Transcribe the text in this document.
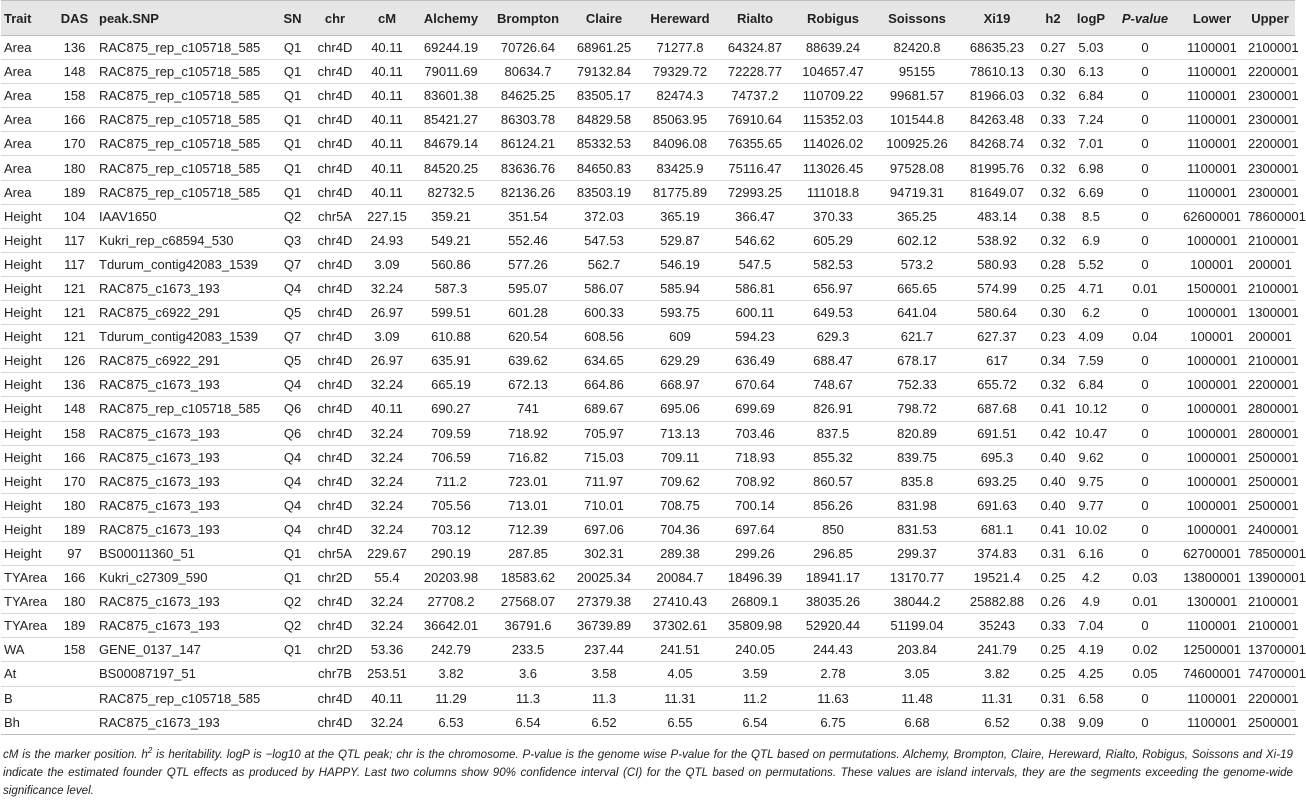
Trait	DAS	peak.SNP	SN	chr	cM	Alchemy	Brompton	Claire	Hereward	Rialto	Robigus	Soissons	Xi19	h2	logP	P-value	Lower	Upper
Area	136	RAC875_rep_c105718_585	Q1	chr4D	40.11	69244.19	70726.64	68961.25	71277.8	64324.87	88639.24	82420.8	68635.23	0.27	5.03	0	1100001	2100001
Area	148	RAC875_rep_c105718_585	Q1	chr4D	40.11	79011.69	80634.7	79132.84	79329.72	72228.77	104657.47	95155	78610.13	0.30	6.13	0	1100001	2200001
Area	158	RAC875_rep_c105718_585	Q1	chr4D	40.11	83601.38	84625.25	83505.17	82474.3	74737.2	110709.22	99681.57	81966.03	0.32	6.84	0	1100001	2300001
Area	166	RAC875_rep_c105718_585	Q1	chr4D	40.11	85421.27	86303.78	84829.58	85063.95	76910.64	115352.03	101544.8	84263.48	0.33	7.24	0	1100001	2300001
Area	170	RAC875_rep_c105718_585	Q1	chr4D	40.11	84679.14	86124.21	85332.53	84096.08	76355.65	114026.02	100925.26	84268.74	0.32	7.01	0	1100001	2200001
Area	180	RAC875_rep_c105718_585	Q1	chr4D	40.11	84520.25	83636.76	84650.83	83425.9	75116.47	113026.45	97528.08	81995.76	0.32	6.98	0	1100001	2300001
Area	189	RAC875_rep_c105718_585	Q1	chr4D	40.11	82732.5	82136.26	83503.19	81775.89	72993.25	111018.8	94719.31	81649.07	0.32	6.69	0	1100001	2300001
Height	104	IAAV1650	Q2	chr5A	227.15	359.21	351.54	372.03	365.19	366.47	370.33	365.25	483.14	0.38	8.5	0	62600001	78600001
Height	117	Kukri_rep_c68594_530	Q3	chr4D	24.93	549.21	552.46	547.53	529.87	546.62	605.29	602.12	538.92	0.32	6.9	0	1000001	2100001
Height	117	Tdurum_contig42083_1539	Q7	chr4D	3.09	560.86	577.26	562.7	546.19	547.5	582.53	573.2	580.93	0.28	5.52	0	100001	200001
Height	121	RAC875_c1673_193	Q4	chr4D	32.24	587.3	595.07	586.07	585.94	586.81	656.97	665.65	574.99	0.25	4.71	0.01	1500001	2100001
Height	121	RAC875_c6922_291	Q5	chr4D	26.97	599.51	601.28	600.33	593.75	600.11	649.53	641.04	580.64	0.30	6.2	0	1000001	1300001
Height	121	Tdurum_contig42083_1539	Q7	chr4D	3.09	610.88	620.54	608.56	609	594.23	629.3	621.7	627.37	0.23	4.09	0.04	100001	200001
Height	126	RAC875_c6922_291	Q5	chr4D	26.97	635.91	639.62	634.65	629.29	636.49	688.47	678.17	617	0.34	7.59	0	1000001	2100001
Height	136	RAC875_c1673_193	Q4	chr4D	32.24	665.19	672.13	664.86	668.97	670.64	748.67	752.33	655.72	0.32	6.84	0	1000001	2200001
Height	148	RAC875_rep_c105718_585	Q6	chr4D	40.11	690.27	741	689.67	695.06	699.69	826.91	798.72	687.68	0.41	10.12	0	1000001	2800001
Height	158	RAC875_c1673_193	Q6	chr4D	32.24	709.59	718.92	705.97	713.13	703.46	837.5	820.89	691.51	0.42	10.47	0	1000001	2800001
Height	166	RAC875_c1673_193	Q4	chr4D	32.24	706.59	716.82	715.03	709.11	718.93	855.32	839.75	695.3	0.40	9.62	0	1000001	2500001
Height	170	RAC875_c1673_193	Q4	chr4D	32.24	711.2	723.01	711.97	709.62	708.92	860.57	835.8	693.25	0.40	9.75	0	1000001	2500001
Height	180	RAC875_c1673_193	Q4	chr4D	32.24	705.56	713.01	710.01	708.75	700.14	856.26	831.98	691.63	0.40	9.77	0	1000001	2500001
Height	189	RAC875_c1673_193	Q4	chr4D	32.24	703.12	712.39	697.06	704.36	697.64	850	831.53	681.1	0.41	10.02	0	1000001	2400001
Height	97	BS00011360_51	Q1	chr5A	229.67	290.19	287.85	302.31	289.38	299.26	296.85	299.37	374.83	0.31	6.16	0	62700001	78500001
TYArea	166	Kukri_c27309_590	Q1	chr2D	55.4	20203.98	18583.62	20025.34	20084.7	18496.39	18941.17	13170.77	19521.4	0.25	4.2	0.03	13800001	13900001
TYArea	180	RAC875_c1673_193	Q2	chr4D	32.24	27708.2	27568.07	27379.38	27410.43	26809.1	38035.26	38044.2	25882.88	0.26	4.9	0.01	1300001	2100001
TYArea	189	RAC875_c1673_193	Q2	chr4D	32.24	36642.01	36791.6	36739.89	37302.61	35809.98	52920.44	51199.04	35243	0.33	7.04	0	1100001	2100001
WA	158	GENE_0137_147	Q1	chr2D	53.36	242.79	233.5	237.44	241.51	240.05	244.43	203.84	241.79	0.25	4.19	0.02	12500001	13700001
At		BS00087197_51		chr7B	253.51	3.82	3.6	3.58	4.05	3.59	2.78	3.05	3.82	0.25	4.25	0.05	74600001	74700001
B		RAC875_rep_c105718_585		chr4D	40.11	11.29	11.3	11.3	11.31	11.2	11.63	11.48	11.31	0.31	6.58	0	1100001	2200001
Bh		RAC875_c1673_193		chr4D	32.24	6.53	6.54	6.52	6.55	6.54	6.75	6.68	6.52	0.38	9.09	0	1100001	2500001
cM is the marker position. $h^2$ is heritability. logP is −log10 at the QTL peak; chr is the chromosome. P-value is the genome wise P-value for the QTL based on permutations. Alchemy, Brompton, Claire, Hereward, Rialto, Robigus, Soissons and Xi-19 indicate the estimated founder QTL effects as produced by HAPPY. Last two columns show 90% confidence interval (CI) for the QTL based on permutations. These values are island intervals, they are the segments exceeding the genome-wide significance level.
